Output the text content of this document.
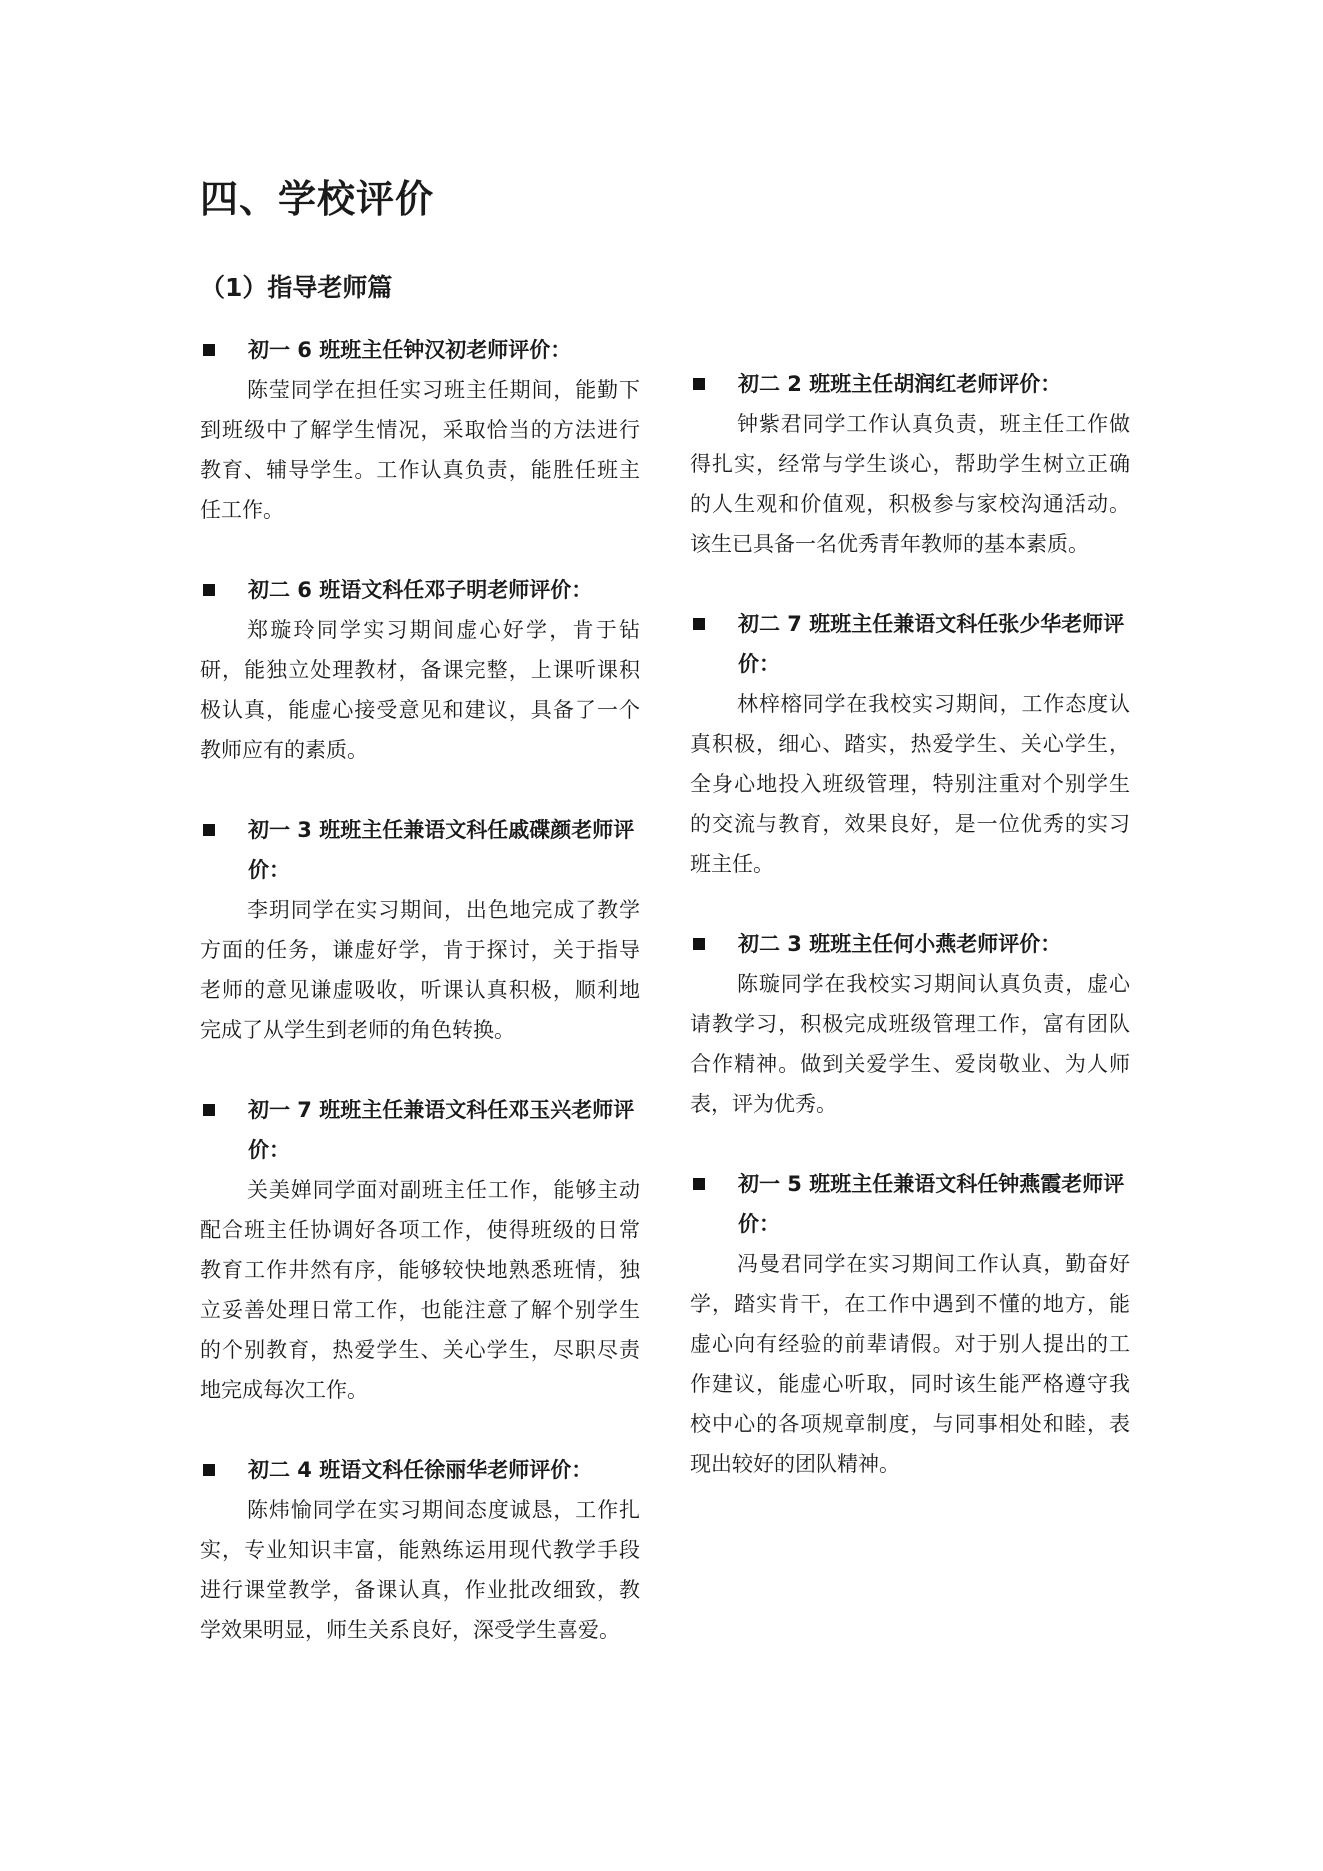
四、学校评价
（1）指导老师篇

初一 6 班班主任钟汉初老师评价：

陈莹同学在担任实习班主任期间，能勤下到班级中了解学生情况，采取恰当的方法进行教育、辅导学生。工作认真负责，能胜任班主任工作。

初二 6 班语文科任邓子明老师评价：

郑璇玲同学实习期间虚心好学，肯于钻研，能独立处理教材，备课完整，上课听课积极认真，能虚心接受意见和建议，具备了一个教师应有的素质。

初一 3 班班主任兼语文科任戚碟颜老师评价：

李玥同学在实习期间，出色地完成了教学方面的任务，谦虚好学，肯于探讨，关于指导老师的意见谦虚吸收，听课认真积极，顺利地完成了从学生到老师的角色转换。

初一 7 班班主任兼语文科任邓玉兴老师评价：

关美婵同学面对副班主任工作，能够主动配合班主任协调好各项工作，使得班级的日常教育工作井然有序，能够较快地熟悉班情，独立妥善处理日常工作，也能注意了解个别学生的个别教育，热爱学生、关心学生，尽职尽责地完成每次工作。

初二 4 班语文科任徐丽华老师评价：

陈炜愉同学在实习期间态度诚恳，工作扎实，专业知识丰富，能熟练运用现代教学手段进行课堂教学，备课认真，作业批改细致，教学效果明显，师生关系良好，深受学生喜爱。

初二 2 班班主任胡润红老师评价：

钟紫君同学工作认真负责，班主任工作做得扎实，经常与学生谈心，帮助学生树立正确的人生观和价值观，积极参与家校沟通活动。该生已具备一名优秀青年教师的基本素质。

初二 7 班班主任兼语文科任张少华老师评价：

林梓榕同学在我校实习期间，工作态度认真积极，细心、踏实，热爱学生、关心学生，全身心地投入班级管理，特别注重对个别学生的交流与教育，效果良好，是一位优秀的实习班主任。

初二 3 班班主任何小燕老师评价：

陈璇同学在我校实习期间认真负责，虚心请教学习，积极完成班级管理工作，富有团队合作精神。做到关爱学生、爱岗敬业、为人师表，评为优秀。

初一 5 班班主任兼语文科任钟燕霞老师评价：

冯曼君同学在实习期间工作认真，勤奋好学，踏实肯干，在工作中遇到不懂的地方，能虚心向有经验的前辈请假。对于别人提出的工作建议，能虚心听取，同时该生能严格遵守我校中心的各项规章制度，与同事相处和睦，表现出较好的团队精神。
